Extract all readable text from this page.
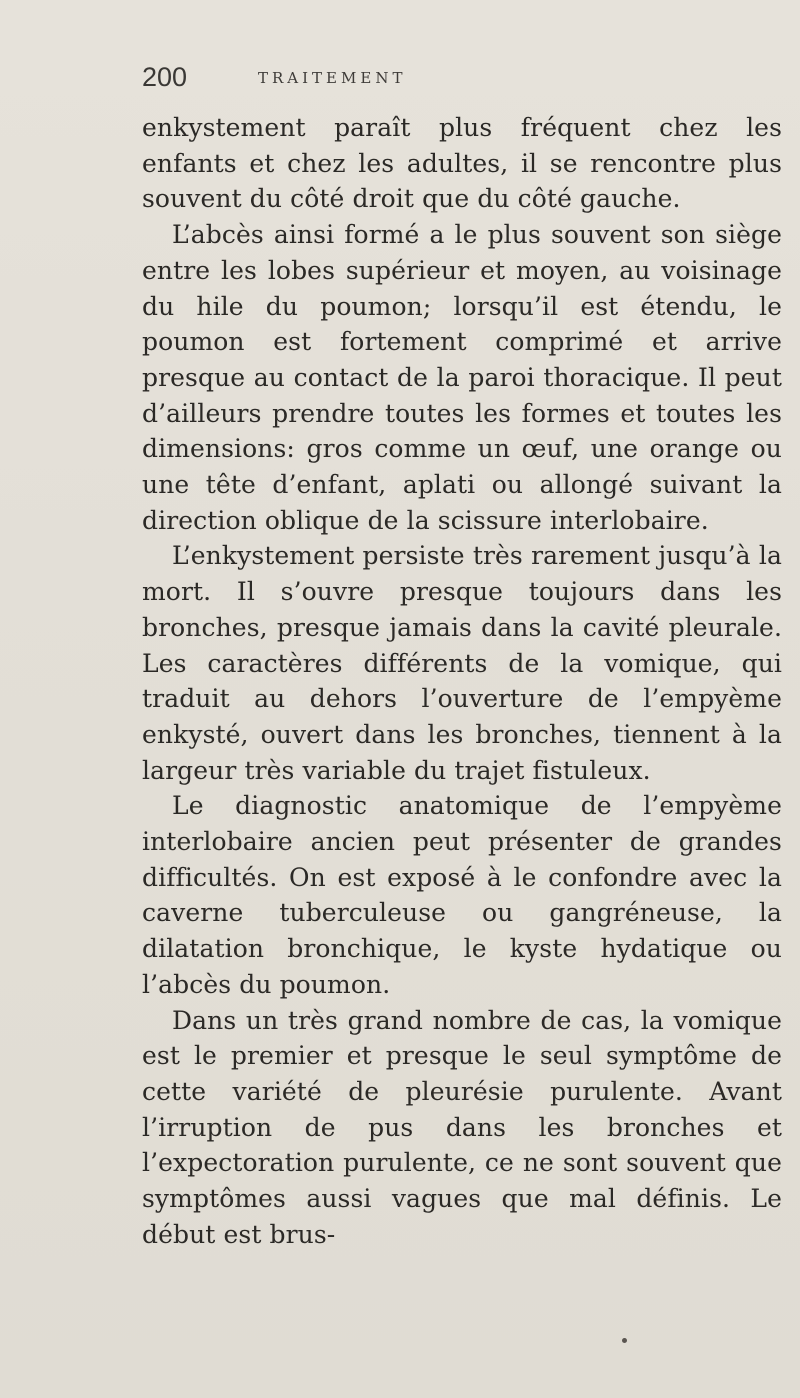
200	TRAITEMENT

enkystement paraît plus fréquent chez les enfants et chez les adultes, il se rencontre plus souvent du côté droit que du côté gauche.

L’abcès ainsi formé a le plus souvent son siège entre les lobes supérieur et moyen, au voisinage du hile du poumon; lorsqu’il est étendu, le poumon est fortement comprimé et arrive presque au contact de la paroi thoracique. Il peut d’ailleurs prendre toutes les formes et toutes les dimensions: gros comme un œuf, une orange ou une tête d’enfant, aplati ou allongé suivant la direction oblique de la scissure interlobaire.

L’enkystement persiste très rarement jusqu’à la mort. Il s’ouvre presque toujours dans les bronches, presque jamais dans la cavité pleurale. Les caractères différents de la vomique, qui traduit au dehors l’ouverture de l’empyème enkysté, ouvert dans les bronches, tiennent à la largeur très variable du trajet fistuleux.

Le diagnostic anatomique de l’empyème interlobaire ancien peut présenter de grandes difficultés. On est exposé à le confondre avec la caverne tuberculeuse ou gangréneuse, la dilatation bronchique, le kyste hydatique ou l’abcès du poumon.

Dans un très grand nombre de cas, la vomique est le premier et presque le seul symptôme de cette variété de pleurésie purulente. Avant l’irruption de pus dans les bronches et l’expectoration purulente, ce ne sont souvent que symptômes aussi vagues que mal définis. Le début est brus-
